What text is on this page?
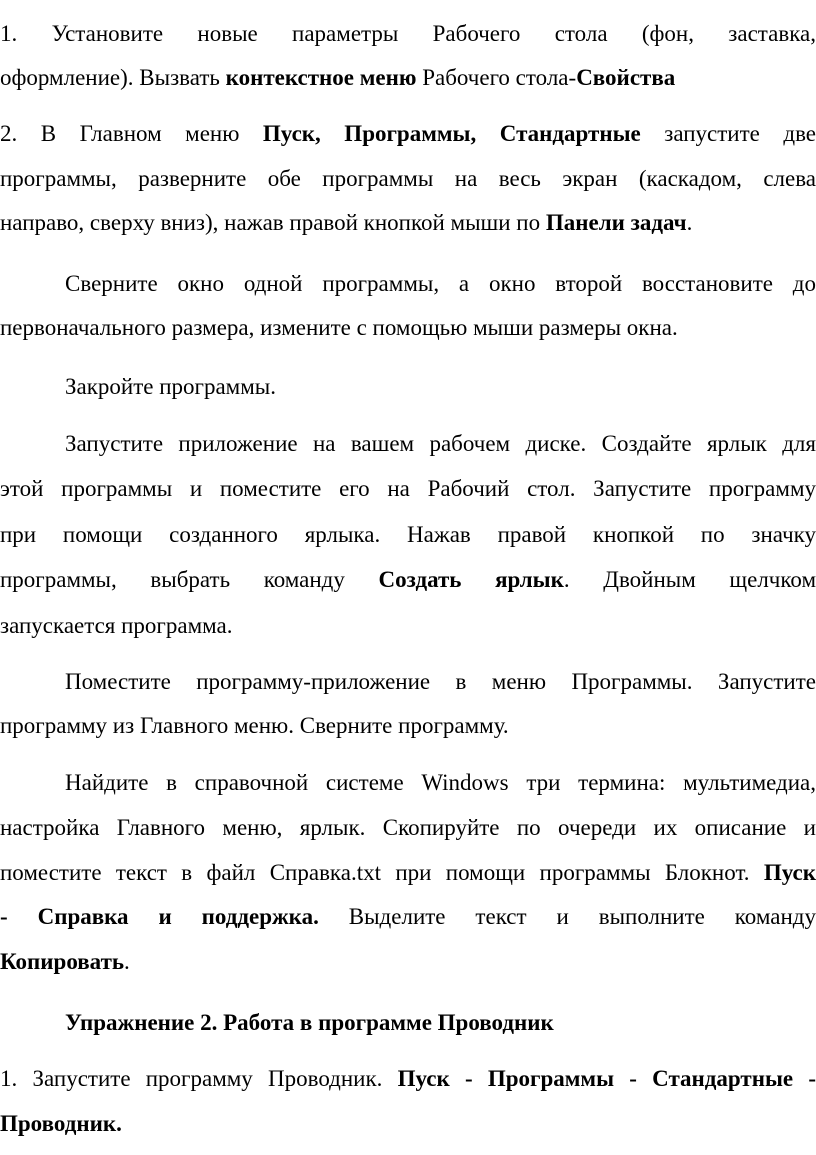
1. Установите новые параметры Рабочего стола (фон, заставка,
оформление). Вызвать контекстное меню Рабочего стола-Свойства
2. В Главном меню Пуск, Программы, Стандартные запустите две
программы, разверните обе программы на весь экран (каскадом, слева
направо, сверху вниз), нажав правой кнопкой мыши по Панели задач.
Сверните окно одной программы, а окно второй восстановите до
первоначального размера, измените с помощью мыши размеры окна.
Закройте программы.
Запустите приложение на вашем рабочем диске. Создайте ярлык для
этой программы и поместите его на Рабочий стол. Запустите программу
при помощи созданного ярлыка. Нажав правой кнопкой по значку
программы, выбрать команду Создать ярлык. Двойным щелчком
запускается программа.
Поместите программу-приложение в меню Программы. Запустите
программу из Главного меню. Сверните программу.
Найдите в справочной системе Windows три термина: мультимедиа,
настройка Главного меню, ярлык. Скопируйте по очереди их описание и
поместите текст в файл Справка.txt при помощи программы Блокнот. Пуск
- Справка и поддержка. Выделите текст и выполните команду
Копировать.
Упражнение 2. Работа в программе Проводник
1. Запустите программу Проводник. Пуск - Программы - Стандартные -
Проводник.
